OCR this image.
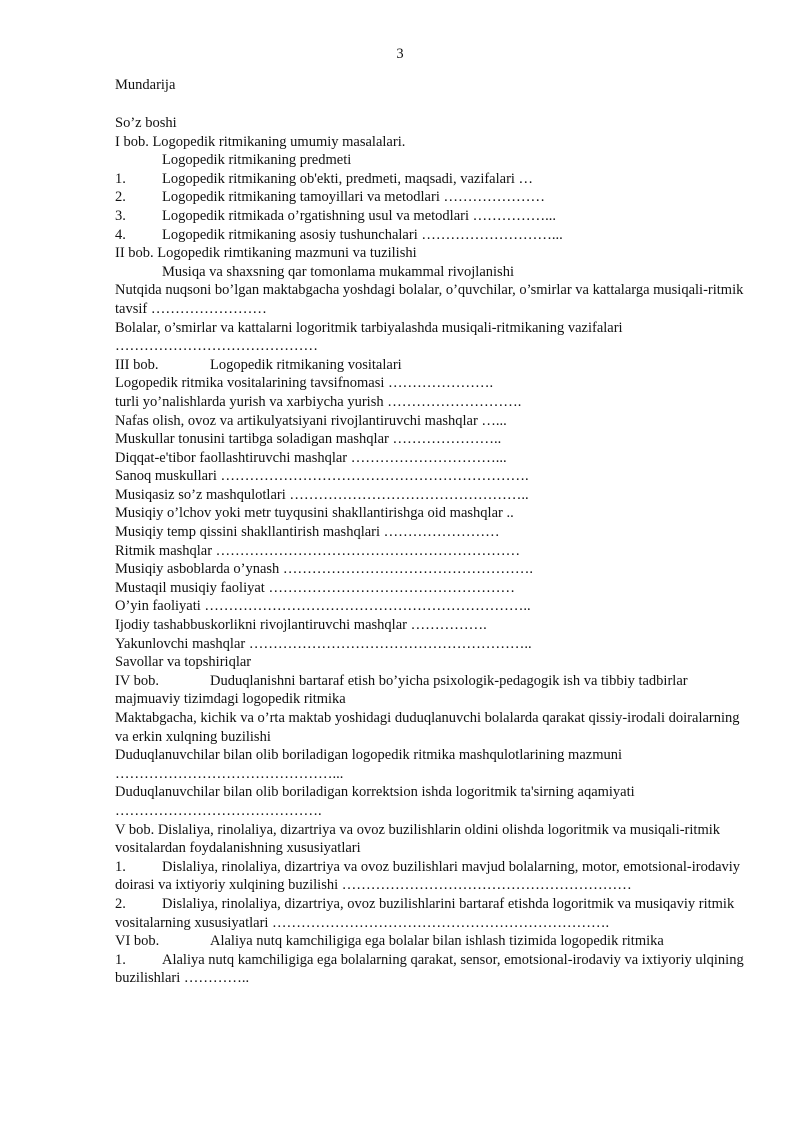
3
Mundarija
So’z boshi
I bob. Logopedik ritmikaning umumiy masalalari.
Logopedik ritmikaning predmeti
1. Logopedik ritmikaning ob'ekti, predmeti, maqsadi, vazifalari …
2. Logopedik ritmikaning tamoyillari va metodlari …………………
3. Logopedik ritmikada o’rgatishning usul va metodlari ……………...
4. Logopedik ritmikaning asosiy tushunchalari ………………………...
II bob. Logopedik rimtikaning mazmuni va tuzilishi
Musiqa va shaxsning qar tomonlama mukammal rivojlanishi
Nutqida nuqsoni bo’lgan maktabgacha yoshdagi bolalar, o’quvchilar, o’smirlar va kattalarga musiqali-ritmik tavsif ……………………
Bolalar, o’smirlar va kattalarni logoritmik tarbiyalashda musiqali-ritmikaning vazifalari ……………………………………
III bob.	Logopedik ritmikaning vositalari
Logopedik ritmika vositalarining tavsifnomasi ………………….
turli yo’nalishlarda yurish va xarbiycha yurish ……………………….
Nafas olish, ovoz va artikulyatsiyani rivojlantiruvchi mashqlar …...
Muskullar tonusini tartibga soladigan mashqlar …………………..
Diqqat-e'tibor faollashtiruvchi mashqlar …………………………...
Sanoq muskullari ……………………………………………………….
Musiqasiz so’z mashqulotlari …………………………………………..
Musiqiy o’lchov yoki metr tuyqusini shakllantirishga oid mashqlar ..
Musiqiy temp qissini shakllantirish mashqlari ……………………
Ritmik mashqlar ………………………………………………………
Musiqiy asboblarda o’ynash …………………………………………….
Mustaqil musiqiy faoliyat ……………………………………………
O’yin faoliyati …………………………………………………………..
Ijodiy tashabbuskorlikni rivojlantiruvchi mashqlar …………….
Yakunlovchi mashqlar …………………………………………………..
Savollar va topshiriqlar
IV bob.	Duduqlanishni bartaraf etish bo’yicha psixologik-pedagogik ish va tibbiy tadbirlar majmuaviy tizimdagi logopedik ritmika
Maktabgacha, kichik va o’rta maktab yoshidagi duduqlanuvchi bolalarda qarakat qissiy-irodali doiralarning va erkin xulqning buzilishi
Duduqlanuvchilar bilan olib boriladigan logopedik ritmika mashqulotlarining mazmuni ………………………………………...
Duduqlanuvchilar bilan olib boriladigan korrektsion ishda logoritmik ta'sirning aqamiyati …………………………………….
V bob. Dislaliya, rinolaliya, dizartriya va ovoz buzilishlarin oldini olishda logoritmik va musiqali-ritmik vositalardan foydalanishning xususiyatlari
1. Dislaliya, rinolaliya, dizartriya va ovoz buzilishlari mavjud bolalarning, motor, emotsional-irodaviy doirasi va ixtiyoriy xulqining buzilishi ……………………………………………………
2. Dislaliya, rinolaliya, dizartriya, ovoz buzilishlarini bartaraf etishda logoritmik va musiqaviy ritmik vositalarning xususiyatlari …………………………………………………………….
VI bob.	Alaliya nutq kamchiligiga ega bolalar bilan ishlash tizimida logopedik ritmika
1. Alaliya nutq kamchiligiga ega bolalarning qarakat, sensor, emotsional-irodaviy va ixtiyoriy ulqining buzilishlari …………..
